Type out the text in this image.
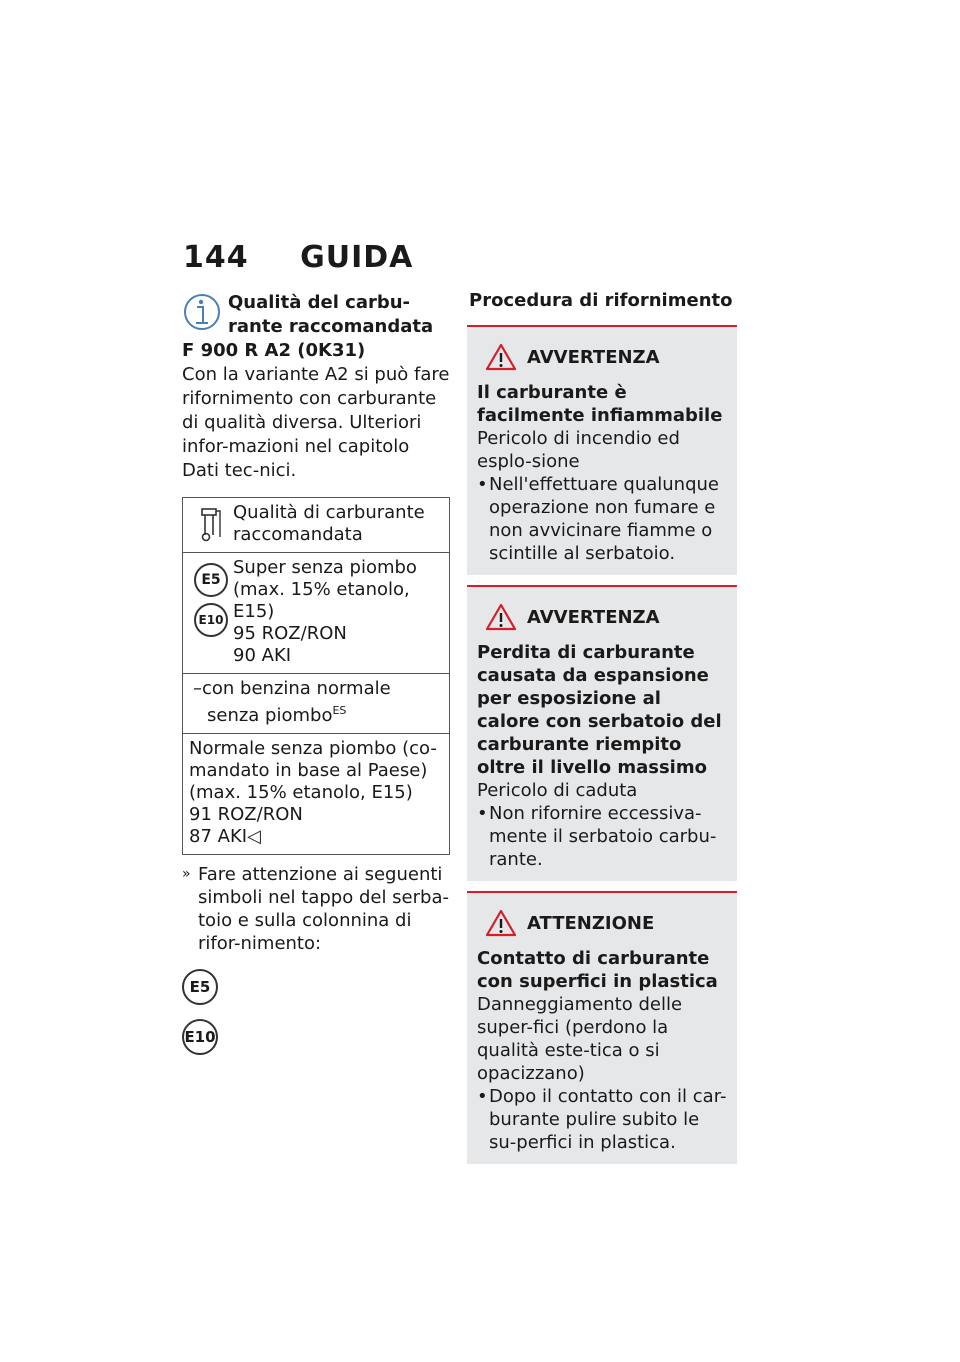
144 GUIDA
Qualità del carbu-
rante raccomandata
F 900 R A2 (0K31)
Con la variante A2 si può fare rifornimento con carburante di qualità diversa. Ulteriori infor-mazioni nel capitolo Dati tec-nici.
Qualità di carburante raccomandata

E5
E10
Super senza piombo
(max. 15% etanolo,
E15)
95 ROZ/RON
90 AKI

–con benzina normale senza piombo$^{ES}$

Normale senza piombo (co-
mandato in base al Paese)
(max. 15% etanolo, E15)
91 ROZ/RON
87 AKI◁
» Fare attenzione ai seguenti simboli nel tappo del serba-toio e sulla colonnina di rifor-nimento:
E5
E10
Procedura di rifornimento
AVVERTENZA
Il carburante è facilmente infiammabile
Pericolo di incendio ed esplo-sione
• Nell'effettuare qualunque operazione non fumare e non avvicinare fiamme o scintille al serbatoio.
AVVERTENZA
Perdita di carburante causata da espansione per esposizione al calore con serbatoio del carburante riempito oltre il livello massimo
Pericolo di caduta
• Non rifornire eccessiva-mente il serbatoio carbu-rante.
ATTENZIONE
Contatto di carburante con superfici in plastica
Danneggiamento delle super-fici (perdono la qualità este-tica o si opacizzano)
• Dopo il contatto con il car-burante pulire subito le su-perfici in plastica.
